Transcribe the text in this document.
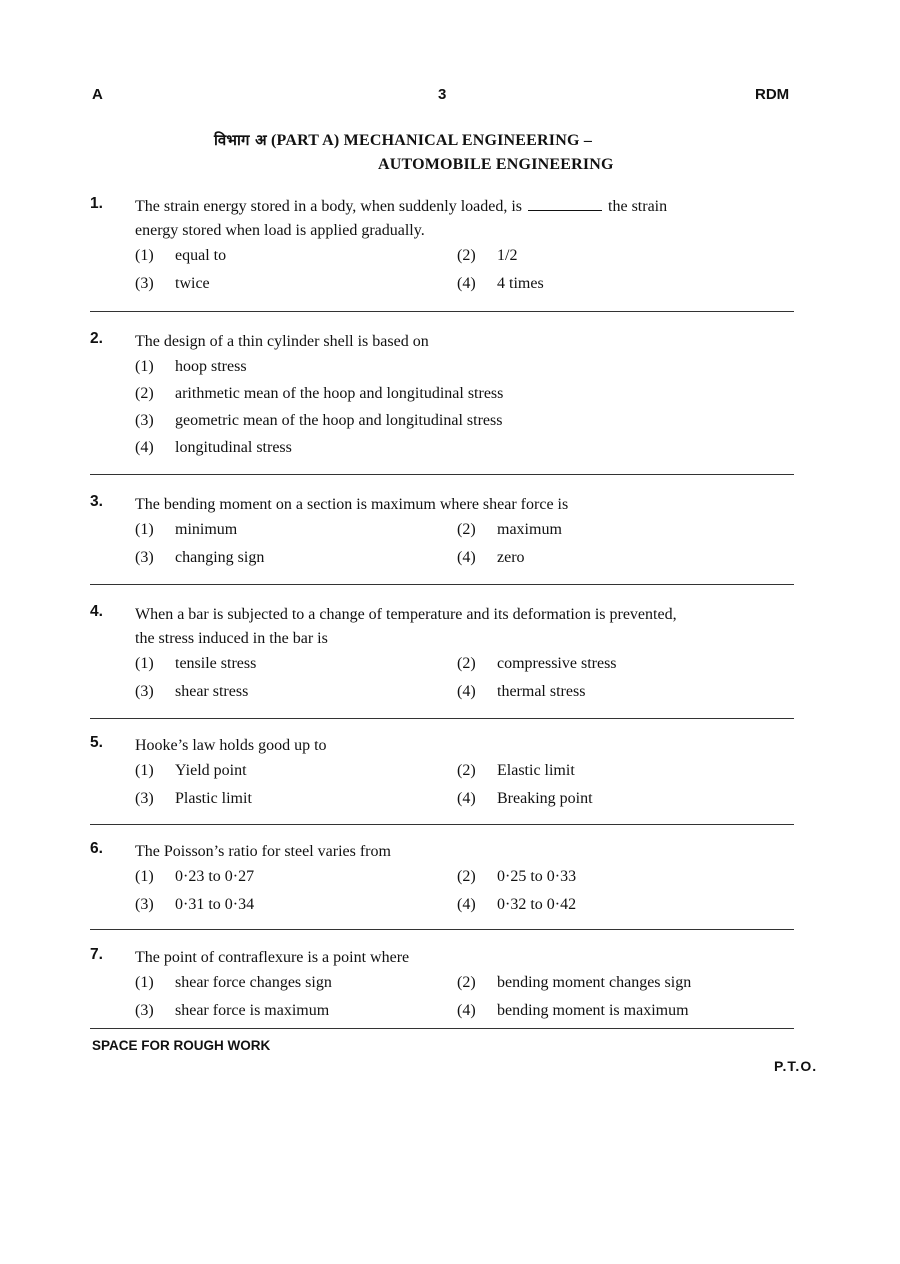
A	3	RDM
विभाग अ (PART A) MECHANICAL ENGINEERING –
AUTOMOBILE ENGINEERING
1. The strain energy stored in a body, when suddenly loaded, is	the strain
energy stored when load is applied gradually.
(1) equal to	(2) 1/2
(3) twice	(4) 4 times
2. The design of a thin cylinder shell is based on
(1) hoop stress
(2) arithmetic mean of the hoop and longitudinal stress
(3) geometric mean of the hoop and longitudinal stress
(4) longitudinal stress
3. The bending moment on a section is maximum where shear force is
(1) minimum	(2) maximum
(3) changing sign	(4) zero
4. When a bar is subjected to a change of temperature and its deformation is prevented,
the stress induced in the bar is
(1) tensile stress	(2) compressive stress
(3) shear stress	(4) thermal stress
5. Hooke’s law holds good up to
(1) Yield point	(2) Elastic limit
(3) Plastic limit	(4) Breaking point
6. The Poisson’s ratio for steel varies from
(1) 0·23 to 0·27	(2) 0·25 to 0·33
(3) 0·31 to 0·34	(4) 0·32 to 0·42
7. The point of contraflexure is a point where
(1) shear force changes sign	(2) bending moment changes sign
(3) shear force is maximum	(4) bending moment is maximum
SPACE FOR ROUGH WORK
P.T.O.
